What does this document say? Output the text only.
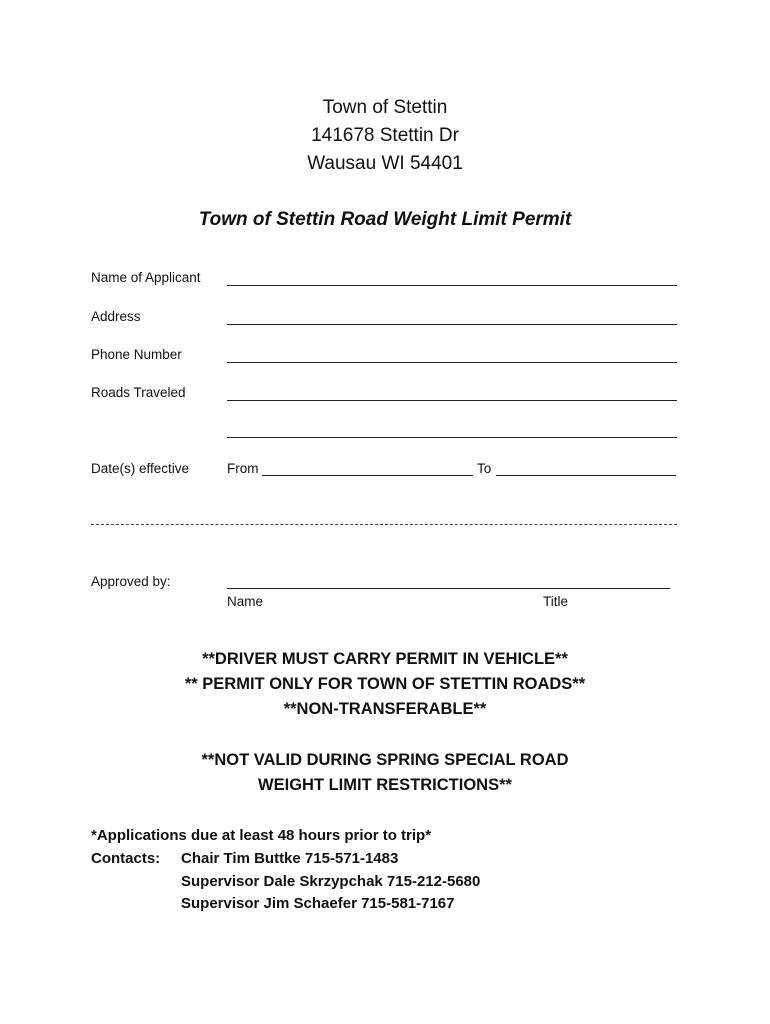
Town of Stettin
141678 Stettin Dr
Wausau WI 54401
Town of Stettin Road Weight Limit Permit
Name of Applicant
Address
Phone Number
Roads Traveled
Date(s) effective	From	To
Approved by:
Name	Title
**DRIVER MUST CARRY PERMIT IN VEHICLE**
** PERMIT ONLY FOR TOWN OF STETTIN ROADS**
**NON-TRANSFERABLE**
**NOT VALID DURING SPRING SPECIAL ROAD
WEIGHT LIMIT RESTRICTIONS**
*Applications due at least 48 hours prior to trip*
Contacts: Chair Tim Buttke 715-571-1483
Supervisor Dale Skrzypchak 715-212-5680
Supervisor Jim Schaefer 715-581-7167
